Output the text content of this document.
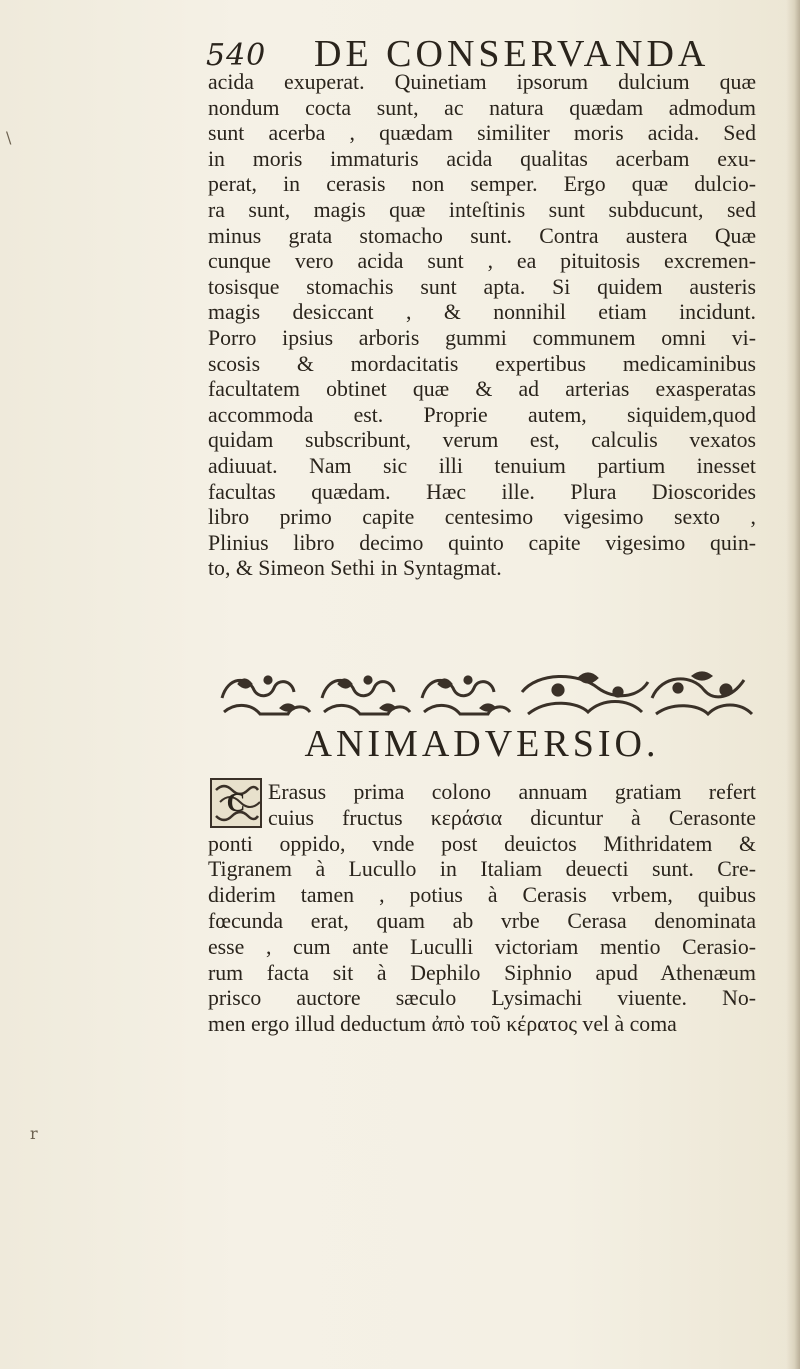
540 DE CONSERVANDA
acida exuperat. Quinetiam ipsorum dulcium quæ
nondum cocta sunt, ac natura quædam admodum
sunt acerba , quædam similiter moris acida. Sed
in moris immaturis acida qualitas acerbam exu-
perat, in cerasis non semper. Ergo quæ dulcio-
ra sunt, magis quæ inteſtinis sunt subducunt, sed
minus grata stomacho sunt. Contra austera Quæ
cunque vero acida sunt , ea pituitosis excremen-
tosisque stomachis sunt apta. Si quidem austeris
magis desiccant , & nonnihil etiam incidunt.
Porro ipsius arboris gummi communem omni vi-
scosis & mordacitatis expertibus medicaminibus
facultatem obtinet quæ & ad arterias exasperatas
accommoda est. Proprie autem, siquidem,quod
quidam subscribunt, verum est, calculis vexatos
adiuuat. Nam sic illi tenuium partium inesset
facultas quædam. Hæc ille. Plura Dioscorides
libro primo capite centesimo vigesimo sexto ,
Plinius libro decimo quinto capite vigesimo quin-
to, & Simeon Sethi in Syntagmat.
ANIMADVERSIO.
C	Erasus prima colono annuam gratiam refert
cuius fructus κεράσια dicuntur à Cerasonte
ponti oppido, vnde post deuictos Mithridatem &
Tigranem à Lucullo in Italiam deuecti sunt. Cre-
diderim tamen , potius à Cerasis vrbem, quibus
fœcunda erat, quam ab vrbe Cerasa denominata
esse , cum ante Luculli victoriam mentio Cerasio-
rum facta sit à Dephilo Siphnio apud Athenæum
prisco auctore sæculo Lysimachi viuente. No-
men ergo illud deductum ἀπὸ τοῦ κέρατος vel à coma
\
r
